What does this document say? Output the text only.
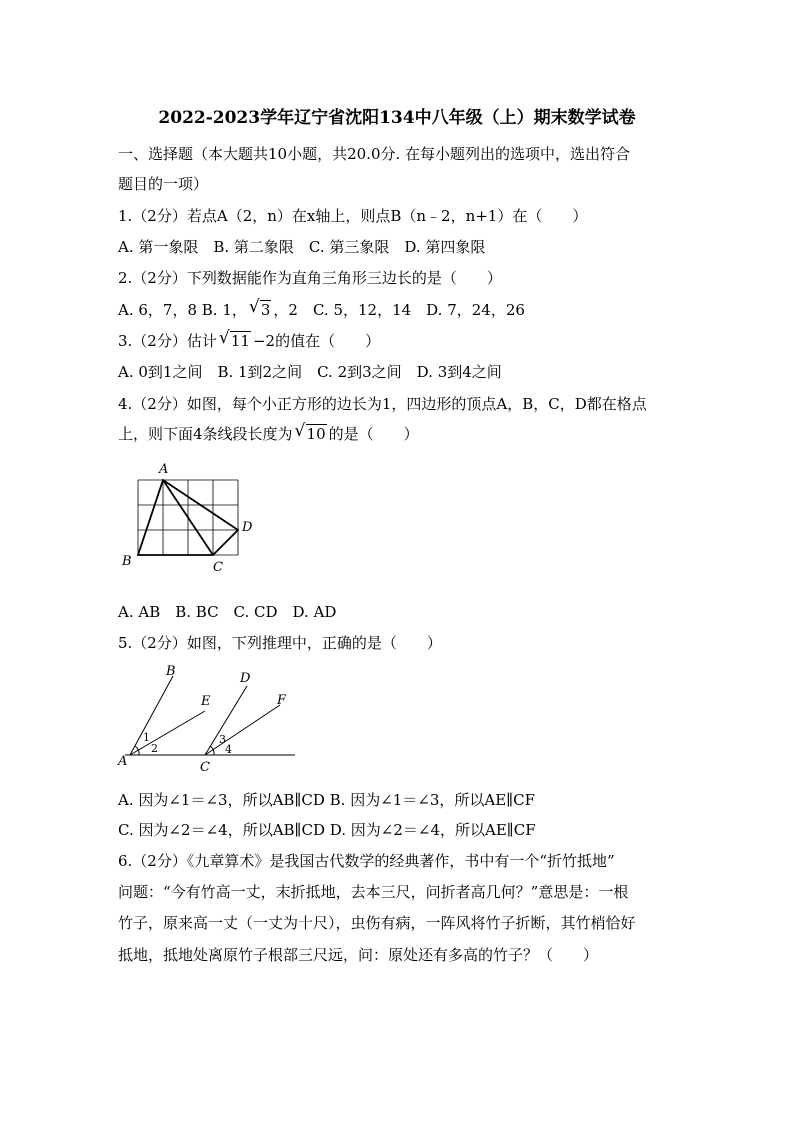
2022-2023学年辽宁省沈阳134中八年级（上）期末数学试卷
一、选择题（本大题共10小题，共20.0分. 在每小题列出的选项中，选出符合
题目的一项）
1.（2分）若点A（2，n）在x轴上，则点B（n﹣2，n+1）在（　　）
A. 第一象限　B. 第二象限　C. 第三象限　D. 第四象限
2.（2分）下列数据能作为直角三角形三边长的是（　　）
A. 6，7，8 B. 1， √ 3 ，2　C. 5，12，14　D. 7，24，26
3.（2分）估计 √ 11 −2的值在（　　）
A. 0到1之间　B. 1到2之间　C. 2到3之间　D. 3到4之间
4.（2分）如图，每个小正方形的边长为1，四边形的顶点A，B，C，D都在格点
上，则下面4条线段长度为 √ 10 的是（　　）
A
B	C
D
A. AB　B. BC　C. CD　D. AD
5.（2分）如图，下列推理中，正确的是（　　）
B
E
D
F
A	C
1
2
3
4
A. 因为∠1＝∠3，所以AB∥CD B. 因为∠1＝∠3，所以AE∥CF
C. 因为∠2＝∠4，所以AB∥CD D. 因为∠2＝∠4，所以AE∥CF
6.（2分）《九章算术》是我国古代数学的经典著作，书中有一个“折竹抵地”
问题：“今有竹高一丈，末折抵地，去本三尺，问折者高几何？”意思是：一根
竹子，原来高一丈（一丈为十尺），虫伤有病，一阵风将竹子折断，其竹梢恰好
抵地，抵地处离原竹子根部三尺远，问：原处还有多高的竹子？（　　）
